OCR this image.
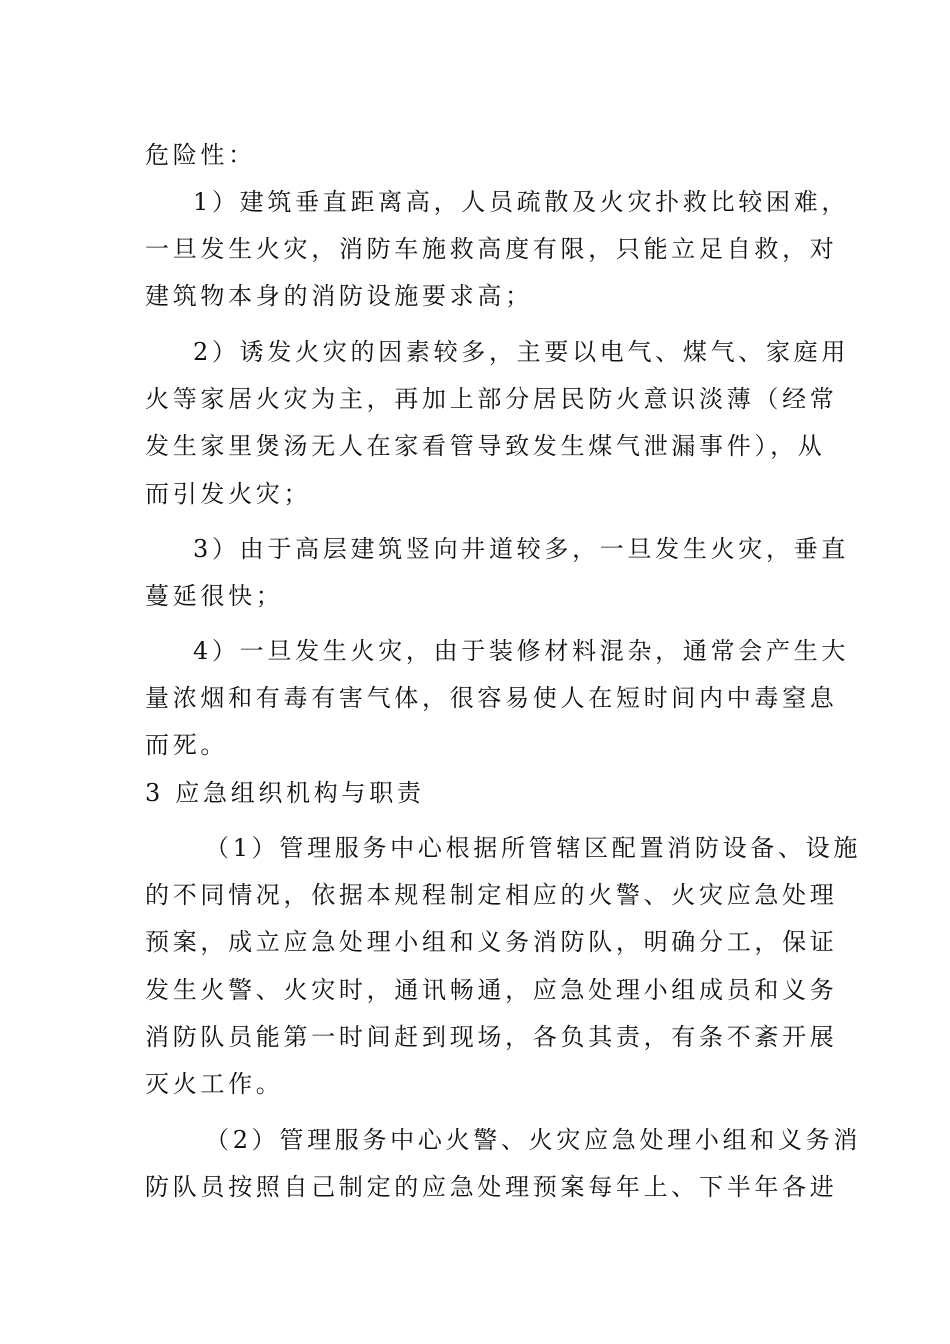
危险性：
1）建筑垂直距离高，人员疏散及火灾扑救比较困难，
一旦发生火灾，消防车施救高度有限，只能立足自救，对
建筑物本身的消防设施要求高；
2）诱发火灾的因素较多，主要以电气、煤气、家庭用
火等家居火灾为主，再加上部分居民防火意识淡薄（经常
发生家里煲汤无人在家看管导致发生煤气泄漏事件），从
而引发火灾；
3）由于高层建筑竖向井道较多，一旦发生火灾，垂直
蔓延很快；
4）一旦发生火灾，由于装修材料混杂，通常会产生大
量浓烟和有毒有害气体，很容易使人在短时间内中毒窒息
而死。
3 应急组织机构与职责
（1）管理服务中心根据所管辖区配置消防设备、设施
的不同情况，依据本规程制定相应的火警、火灾应急处理
预案，成立应急处理小组和义务消防队，明确分工，保证
发生火警、火灾时，通讯畅通，应急处理小组成员和义务
消防队员能第一时间赶到现场，各负其责，有条不紊开展
灭火工作。
（2）管理服务中心火警、火灾应急处理小组和义务消
防队员按照自己制定的应急处理预案每年上、下半年各进
